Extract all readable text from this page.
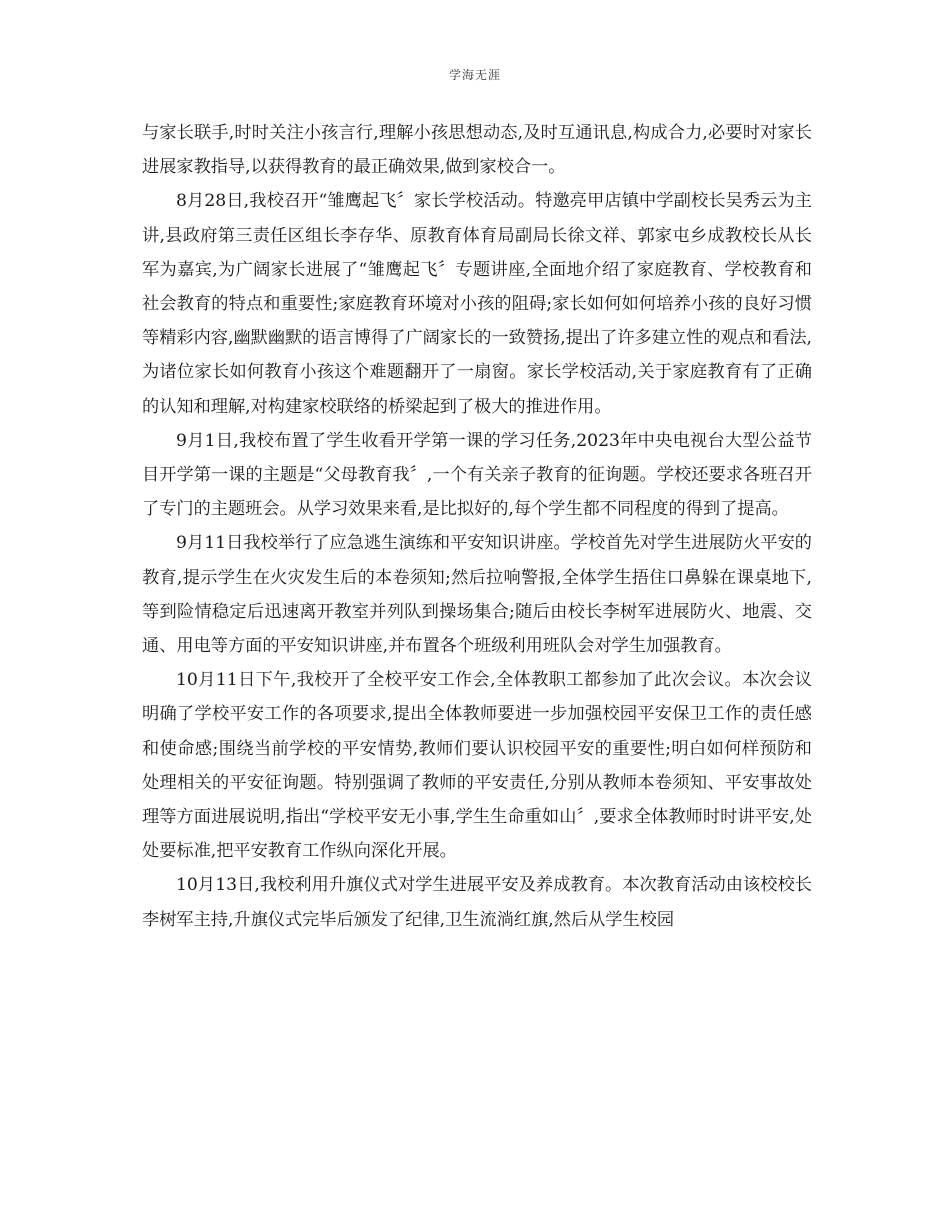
学海无涯

与家长联手,时时关注小孩言行,理解小孩思想动态,及时互通讯息,构成合力,必要时对家长进展家教指导,以获得教育的最正确效果,做到家校合一。

8月28日,我校召开“雏鹰起飞〞家长学校活动。特邀亮甲店镇中学副校长吴秀云为主讲,县政府第三责任区组长李存华、原教育体育局副局长徐文祥、郭家屯乡成教校长从长军为嘉宾,为广阔家长进展了“雏鹰起飞〞专题讲座,全面地介绍了家庭教育、学校教育和社会教育的特点和重要性;家庭教育环境对小孩的阻碍;家长如何如何培养小孩的良好习惯等精彩内容,幽默幽默的语言博得了广阔家长的一致赞扬,提出了许多建立性的观点和看法,为诸位家长如何教育小孩这个难题翻开了一扇窗。家长学校活动,关于家庭教育有了正确的认知和理解,对构建家校联络的桥梁起到了极大的推进作用。

9月1日,我校布置了学生收看开学第一课的学习任务,2023年中央电视台大型公益节目开学第一课的主题是“父母教育我〞,一个有关亲子教育的征询题。学校还要求各班召开了专门的主题班会。从学习效果来看,是比拟好的,每个学生都不同程度的得到了提高。

9月11日我校举行了应急逃生演练和平安知识讲座。学校首先对学生进展防火平安的教育,提示学生在火灾发生后的本卷须知;然后拉响警报,全体学生捂住口鼻躲在课桌地下,等到险情稳定后迅速离开教室并列队到操场集合;随后由校长李树军进展防火、地震、交通、用电等方面的平安知识讲座,并布置各个班级利用班队会对学生加强教育。

10月11日下午,我校开了全校平安工作会,全体教职工都参加了此次会议。本次会议明确了学校平安工作的各项要求,提出全体教师要进一步加强校园平安保卫工作的责任感和使命感;围绕当前学校的平安情势,教师们要认识校园平安的重要性;明白如何样预防和处理相关的平安征询题。特别强调了教师的平安责任,分别从教师本卷须知、平安事故处理等方面进展说明,指出“学校平安无小事,学生生命重如山〞,要求全体教师时时讲平安,处处要标准,把平安教育工作纵向深化开展。

10月13日,我校利用升旗仪式对学生进展平安及养成教育。本次教育活动由该校校长李树军主持,升旗仪式完毕后颁发了纪律,卫生流淌红旗,然后从学生校园
